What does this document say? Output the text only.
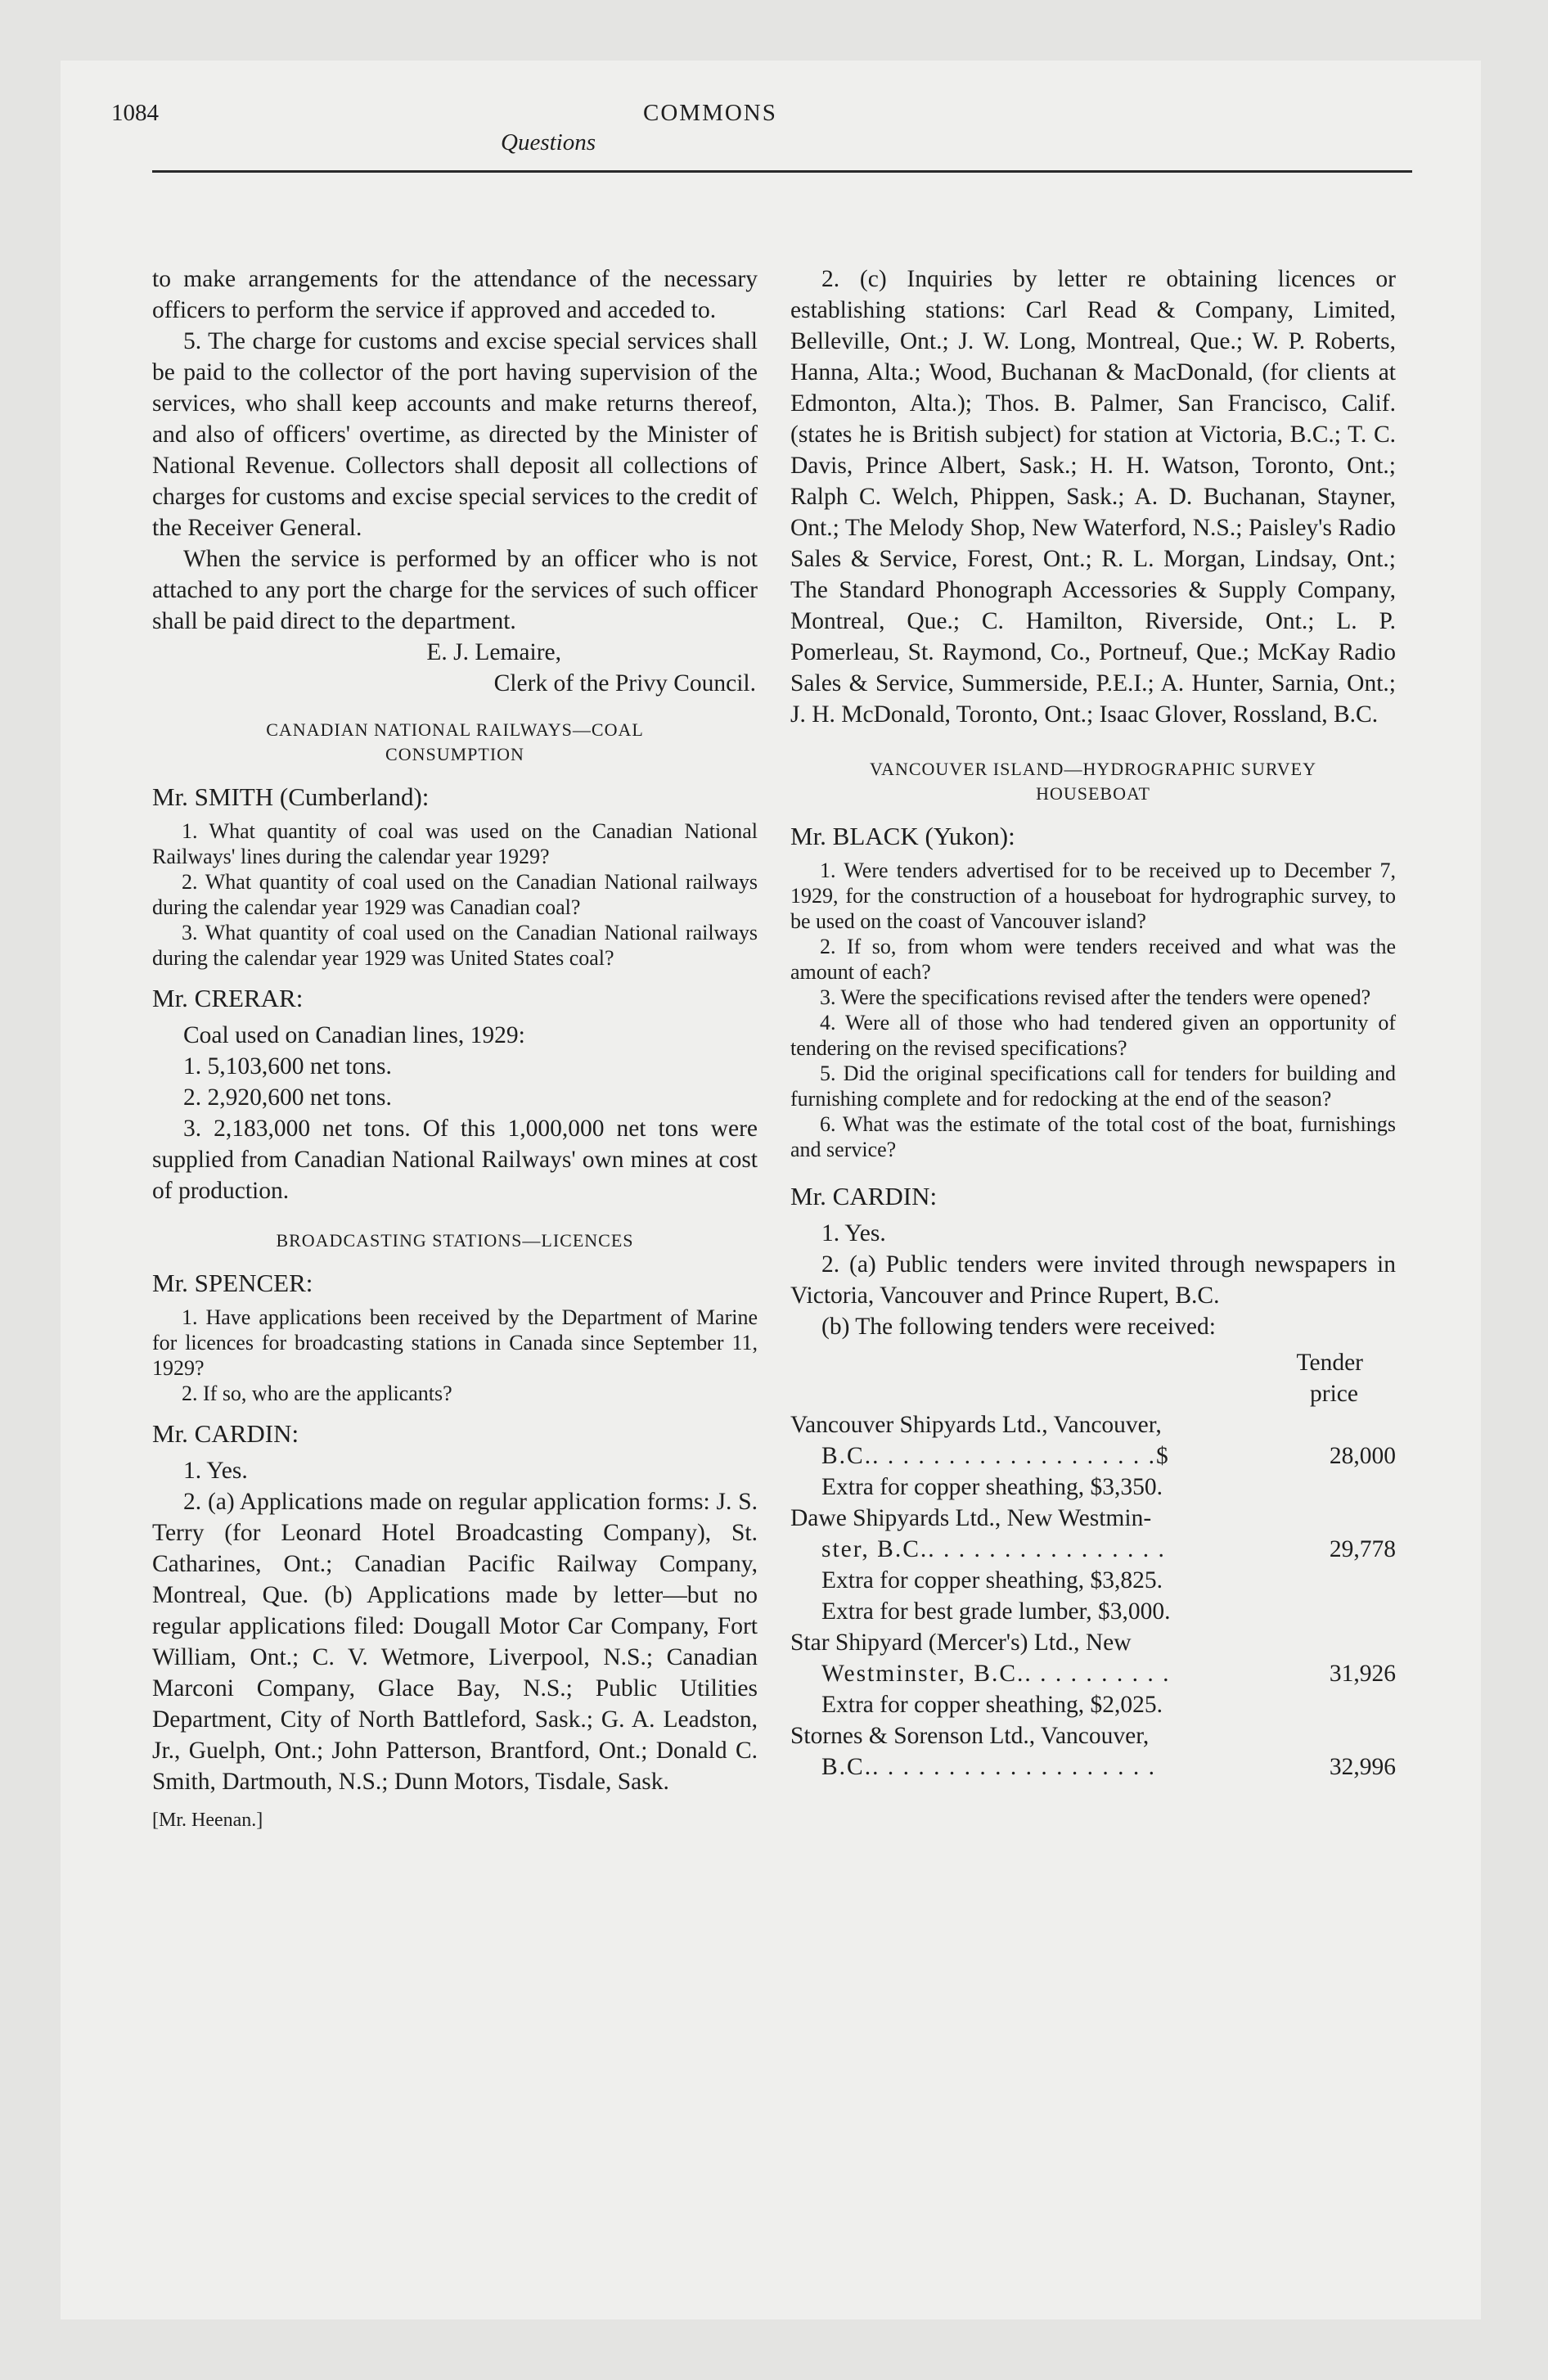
1084	COMMONS
Questions

to make arrangements for the attendance of the necessary officers to perform the service if approved and acceded to.

5. The charge for customs and excise special services shall be paid to the collector of the port having supervision of the services, who shall keep accounts and make returns thereof, and also of officers' overtime, as directed by the Minister of National Revenue. Collectors shall deposit all collections of charges for customs and excise special services to the credit of the Receiver General.

When the service is performed by an officer who is not attached to any port the charge for the services of such officer shall be paid direct to the department.

E. J. Lemaire,

Clerk of the Privy Council.

CANADIAN NATIONAL RAILWAYS—COAL
CONSUMPTION
Mr. SMITH (Cumberland):

1. What quantity of coal was used on the Canadian National Railways' lines during the calendar year 1929?

2. What quantity of coal used on the Canadian National railways during the calendar year 1929 was Canadian coal?

3. What quantity of coal used on the Canadian National railways during the calendar year 1929 was United States coal?

Mr. CRERAR:

Coal used on Canadian lines, 1929:

1. 5,103,600 net tons.

2. 2,920,600 net tons.

3. 2,183,000 net tons. Of this 1,000,000 net tons were supplied from Canadian National Railways' own mines at cost of production.

BROADCASTING STATIONS—LICENCES
Mr. SPENCER:

1. Have applications been received by the Department of Marine for licences for broadcasting stations in Canada since September 11, 1929?

2. If so, who are the applicants?

Mr. CARDIN:

1. Yes.

2. (a) Applications made on regular application forms: J. S. Terry (for Leonard Hotel Broadcasting Company), St. Catharines, Ont.; Canadian Pacific Railway Company, Montreal, Que. (b) Applications made by letter—but no regular applications filed: Dougall Motor Car Company, Fort William, Ont.; C. V. Wetmore, Liverpool, N.S.; Canadian Marconi Company, Glace Bay, N.S.; Public Utilities Department, City of North Battleford, Sask.; G. A. Leadston, Jr., Guelph, Ont.; John Patterson, Brantford, Ont.; Donald C. Smith, Dartmouth, N.S.; Dunn Motors, Tisdale, Sask.

[Mr. Heenan.]

2. (c) Inquiries by letter re obtaining licences or establishing stations: Carl Read & Company, Limited, Belleville, Ont.; J. W. Long, Montreal, Que.; W. P. Roberts, Hanna, Alta.; Wood, Buchanan & MacDonald, (for clients at Edmonton, Alta.); Thos. B. Palmer, San Francisco, Calif. (states he is British subject) for station at Victoria, B.C.; T. C. Davis, Prince Albert, Sask.; H. H. Watson, Toronto, Ont.; Ralph C. Welch, Phippen, Sask.; A. D. Buchanan, Stayner, Ont.; The Melody Shop, New Waterford, N.S.; Paisley's Radio Sales & Service, Forest, Ont.; R. L. Morgan, Lindsay, Ont.; The Standard Phonograph Accessories & Supply Company, Montreal, Que.; C. Hamilton, Riverside, Ont.; L. P. Pomerleau, St. Raymond, Co., Portneuf, Que.; McKay Radio Sales & Service, Summerside, P.E.I.; A. Hunter, Sarnia, Ont.; J. H. McDonald, Toronto, Ont.; Isaac Glover, Rossland, B.C.

VANCOUVER ISLAND—HYDROGRAPHIC SURVEY
HOUSEBOAT
Mr. BLACK (Yukon):

1. Were tenders advertised for to be received up to December 7, 1929, for the construction of a houseboat for hydrographic survey, to be used on the coast of Vancouver island?

2. If so, from whom were tenders received and what was the amount of each?

3. Were the specifications revised after the tenders were opened?

4. Were all of those who had tendered given an opportunity of tendering on the revised specifications?

5. Did the original specifications call for tenders for building and furnishing complete and for redocking at the end of the season?

6. What was the estimate of the total cost of the boat, furnishings and service?

Mr. CARDIN:

1. Yes.

2. (a) Public tenders were invited through newspapers in Victoria, Vancouver and Prince Rupert, B.C.

(b) The following tenders were received:

Tender
price
Vancouver Shipyards Ltd., Vancouver,
B.C.. . . . . . . . . . . . . . . . . . .$	28,000
Extra for copper sheathing, $3,350.
Dawe Shipyards Ltd., New Westmin-
ster, B.C.. . . . . . . . . . . . . . . .	29,778
Extra for copper sheathing, $3,825.
Extra for best grade lumber, $3,000.
Star Shipyard (Mercer's) Ltd., New
Westminster, B.C.. . . . . . . . . .	31,926
Extra for copper sheathing, $2,025.
Stornes & Sorenson Ltd., Vancouver,
B.C.. . . . . . . . . . . . . . . . . . .	32,996
